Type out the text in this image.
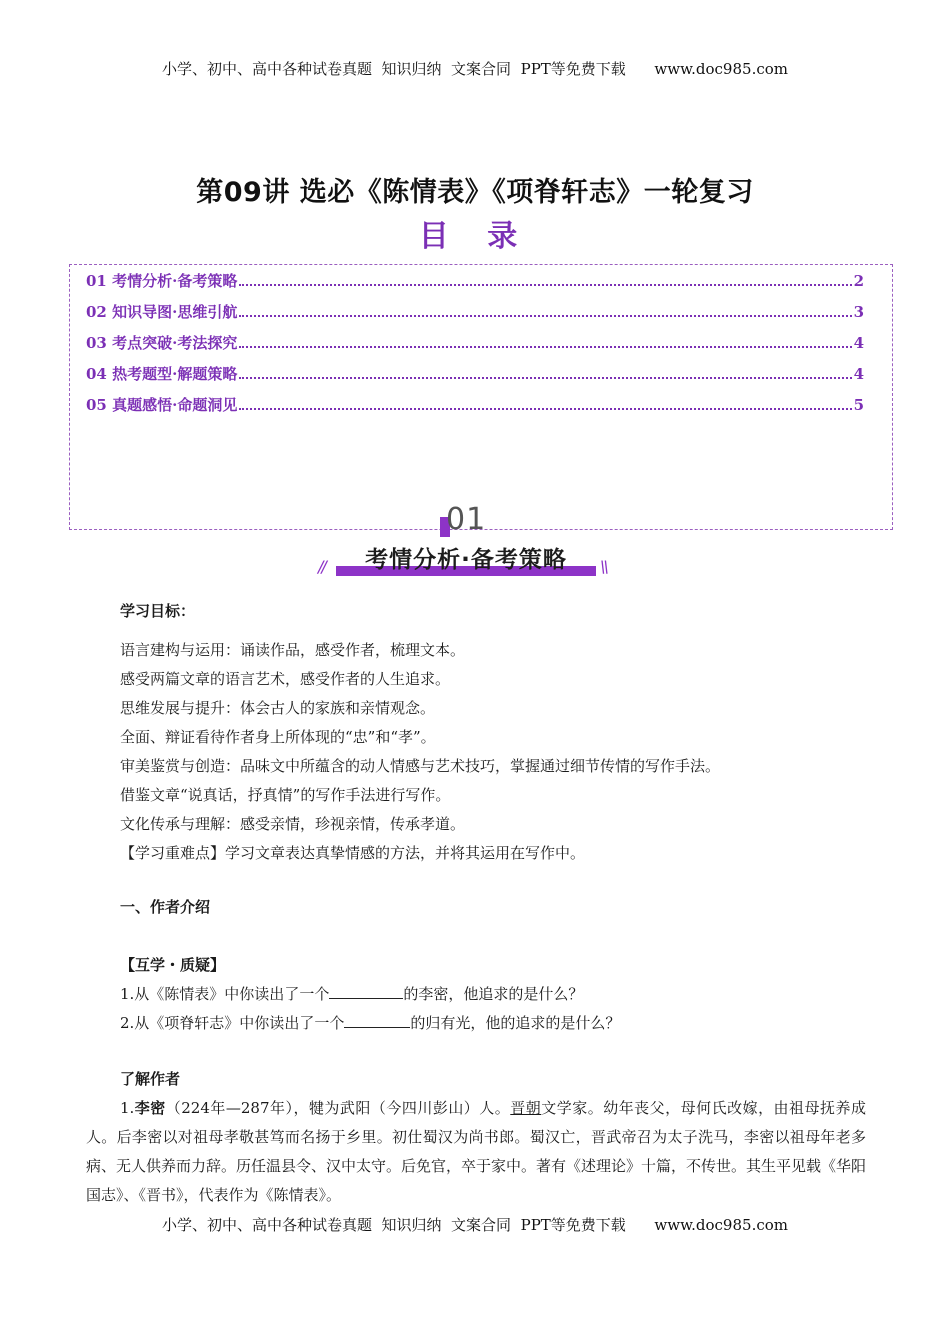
小学、初中、高中各种试卷真题  知识归纳  文案合同  PPT等免费下载      www.doc985.com
第09讲 选必《陈情表》《项脊轩志》一轮复习
目 录
01 考情分析·备考策略	2
02 知识导图·思维引航	3
03 考点突破·考法探究	4
04 热考题型·解题策略	4
05 真题感悟·命题洞见	5
01
//	考情分析·备考策略	\\
学习目标：

语言建构与运用：诵读作品，感受作者，梳理文本。

感受两篇文章的语言艺术，感受作者的人生追求。

思维发展与提升：体会古人的家族和亲情观念。

全面、辩证看待作者身上所体现的“忠”和“孝”。

审美鉴赏与创造：品味文中所蕴含的动人情感与艺术技巧，掌握通过细节传情的写作手法。

借鉴文章“说真话，抒真情”的写作手法进行写作。

文化传承与理解：感受亲情，珍视亲情，传承孝道。

【学习重难点】学习文章表达真挚情感的方法，并将其运用在写作中。

一、作者介绍
【互学・质疑】

1.从《陈情表》中你读出了一个	的李密，他追求的是什么？

2.从《项脊轩志》中你读出了一个	的归有光，他的追求的是什么？

了解作者
1.李密（224年—287年），犍为武阳（今四川彭山）人。晋朝文学家。幼年丧父，母何氏改嫁，由祖母抚养成人。后李密以对祖母孝敬甚笃而名扬于乡里。初仕蜀汉为尚书郎。蜀汉亡，晋武帝召为太子洗马，李密以祖母年老多病、无人供养而力辞。历任温县令、汉中太守。后免官，卒于家中。著有《述理论》十篇，不传世。其生平见载《华阳国志》、《晋书》，代表作为《陈情表》。
小学、初中、高中各种试卷真题  知识归纳  文案合同  PPT等免费下载      www.doc985.com
